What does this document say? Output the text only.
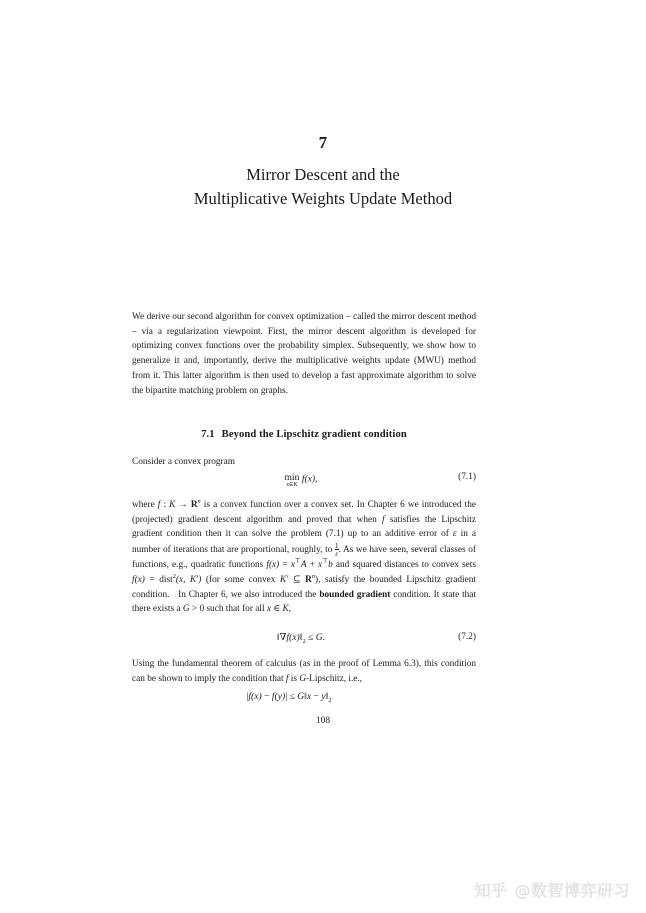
7
Mirror Descent and the
Multiplicative Weights Update Method

We derive our second algorithm for convex optimization – called the mirror descent method – via a regularization viewpoint. First, the mirror descent algorithm is developed for optimizing convex functions over the probability simplex. Subsequently, we show how to generalize it and, importantly, derive the multiplicative weights update (MWU) method from it. This latter algorithm is then used to develop a fast approximate algorithm to solve the bipartite matching problem on graphs.

7.1 Beyond the Lipschitz gradient condition

Consider a convex program

min
x∈K
f(x),	(7.1)

where f : $K \to R^n$ is a convex function over a convex set. In Chapter 6 we introduced the (projected) gradient descent algorithm and proved that when f satisfies the Lipschitz gradient condition then it can solve the problem (7.1) up to an additive error of ε in a number of iterations that are proportional, roughly, to $\frac{1}{\varepsilon}$ . As we have seen, several classes of functions, e.g., quadratic functions f(x) = x⊤A + x⊤b and squared distances to convex sets f(x) = dist$^2$(x, K′) (for some convex K′ ⊆ $R^n$), satisfy the bounded Lipschitz gradient condition. In Chapter 6, we also introduced the bounded gradient condition. It state that there exists a G > 0 such that for all x ∈ K,

$‖\nabla f(x)‖_2 \le G$.	(7.2)

Using the fundamental theorem of calculus (as in the proof of Lemma 6.3), this condition can be shown to imply the condition that f is G-Lipschitz, i.e.,

|f(x) − f(y)| ≤ G‖x − $y‖_2$
108
知乎 @数智博弈研习
